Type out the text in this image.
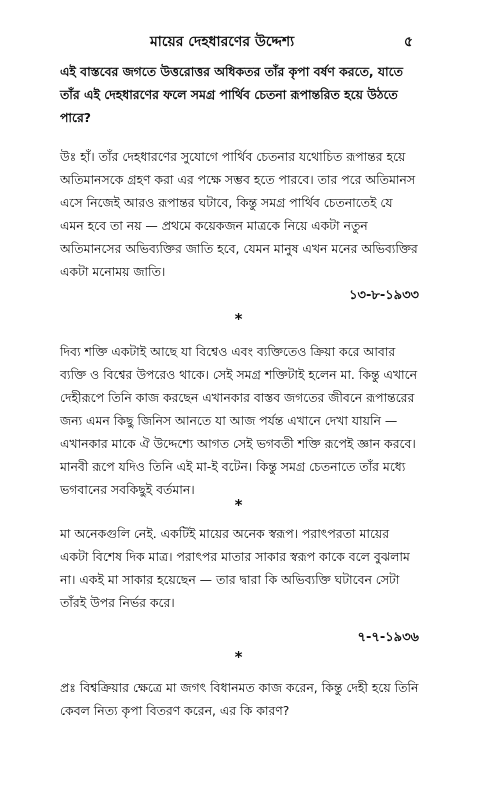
মায়ের দেহধারণের উদ্দেশ্য	৫

এই বাস্তবের জগতে উত্তরোত্তর অধিকতর তাঁর কৃপা বর্ষণ করতে, যাতে তাঁর এই দেহধারণের ফলে সমগ্র পার্থিব চেতনা রূপান্তরিত হয়ে উঠতে পারে?

উঃ হাঁ। তাঁর দেহধারণের সুযোগে পার্থিব চেতনার যথোচিত রূপান্তর হয়ে অতিমানসকে গ্রহণ করা এর পক্ষে সম্ভব হতে পারবে। তার পরে অতিমানস এসে নিজেই আরও রূপান্তর ঘটাবে, কিন্তু সমগ্র পার্থিব চেতনাতেই যে এমন হবে তা নয় — প্রথমে কয়েকজন মাত্রকে নিয়ে একটা নতুন অতিমানসের অভিব্যক্তির জাতি হবে, যেমন মানুষ এখন মনের অভিব্যক্তির একটা মনোময় জাতি।

১৩-৮-১৯৩৩
*

দিব্য শক্তি একটাই আছে যা বিশ্বেও এবং ব্যক্তিতেও ক্রিয়া করে আবার ব্যক্তি ও বিশ্বের উপরেও থাকে। সেই সমগ্র শক্তিটাই হলেন মা. কিন্তু এখানে দেহীরূপে তিনি কাজ করছেন এখানকার বাস্তব জগতের জীবনে রূপান্তরের জন্য এমন কিছু জিনিস আনতে যা আজ পর্যন্ত এখানে দেখা যায়নি — এখানকার মাকে ঐ উদ্দেশ্যে আগত সেই ভগবতী শক্তি রূপেই জ্ঞান করবে। মানবী রূপে যদিও তিনি এই মা-ই বটেন। কিন্তু সমগ্র চেতনাতে তাঁর মধ্যে ভগবানের সবকিছুই বর্তমান।

*

মা অনেকগুলি নেই. একটিই মায়ের অনেক স্বরূপ। পরাৎপরতা মায়ের একটা বিশেষ দিক মাত্র। পরাৎপর মাতার সাকার স্বরূপ কাকে বলে বুঝলাম না। একই মা সাকার হয়েছেন — তার দ্বারা কি অভিব্যক্তি ঘটাবেন সেটা তাঁরই উপর নির্ভর করে।

৭-৭-১৯৩৬
*

প্রঃ বিশ্বক্রিয়ার ক্ষেত্রে মা জগৎ বিধানমত কাজ করেন, কিন্তু দেহী হয়ে তিনি কেবল নিত্য কৃপা বিতরণ করেন, এর কি কারণ?
